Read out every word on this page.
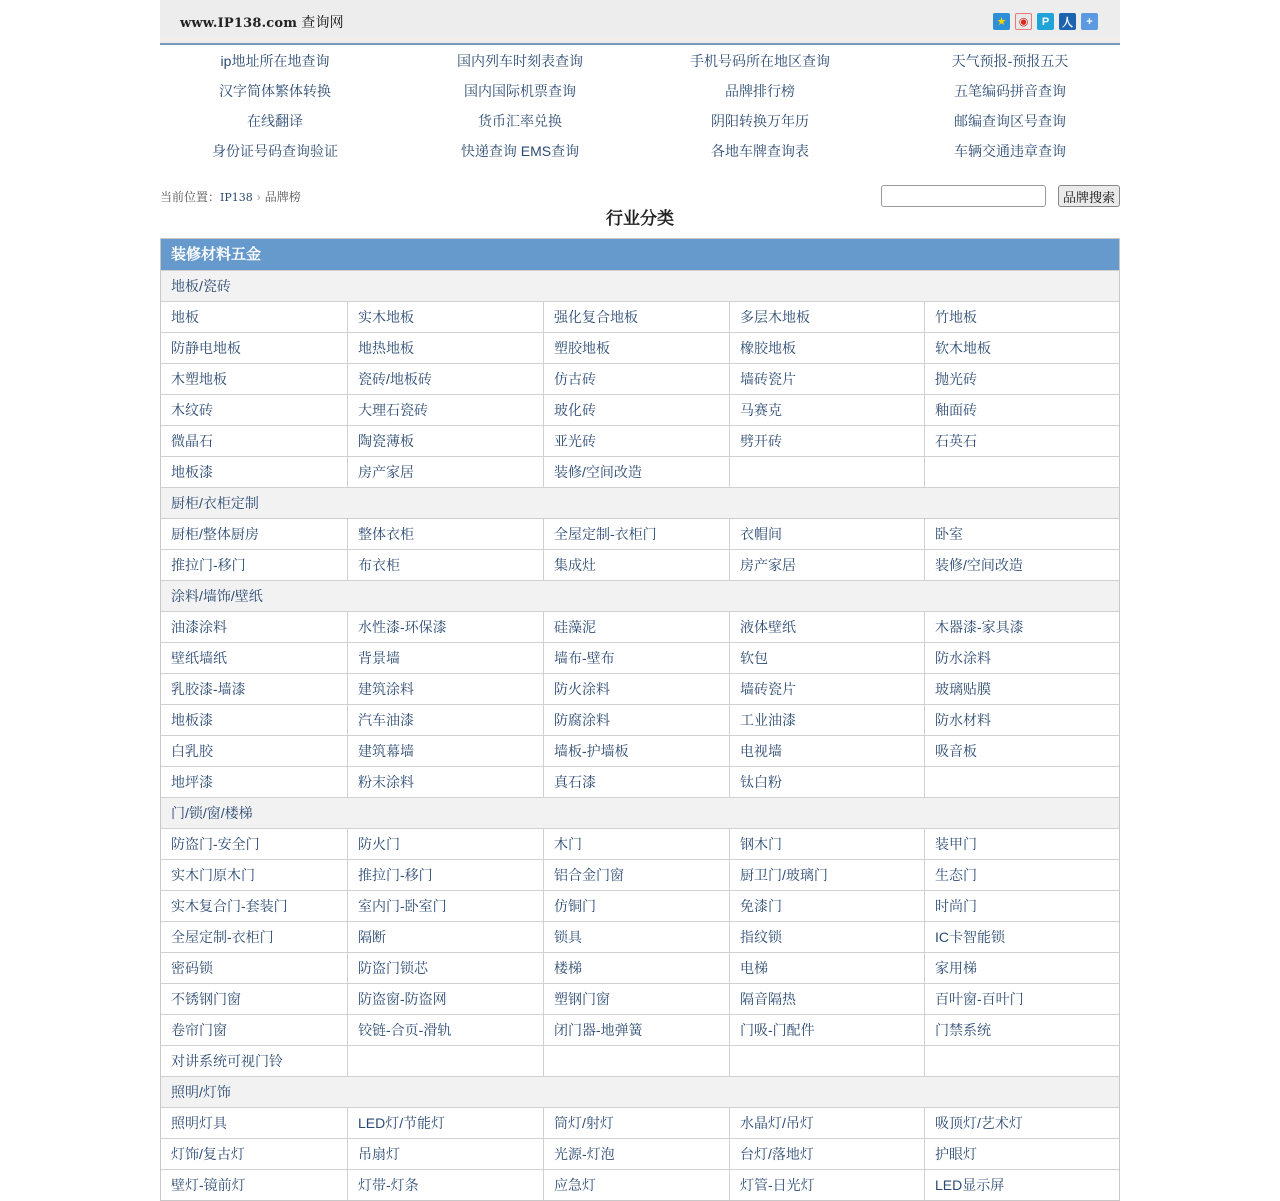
www.IP138.com 查询网	★	◉	P	人	+
ip地址所在地查询	国内列车时刻表查询	手机号码所在地区查询	天气预报-预报五天
汉字简体繁体转换	国内国际机票查询	品牌排行榜	五笔编码拼音查询
在线翻译	货币汇率兑换	阴阳转换万年历	邮编查询区号查询
身份证号码查询验证	快递查询 EMS查询	各地车牌查询表	车辆交通违章查询
当前位置：IP138 › 品牌榜	品牌搜索
行业分类
装修材料五金
地板/瓷砖
地板	实木地板	强化复合地板	多层木地板	竹地板
防静电地板	地热地板	塑胶地板	橡胶地板	软木地板
木塑地板	瓷砖/地板砖	仿古砖	墙砖瓷片	抛光砖
木纹砖	大理石瓷砖	玻化砖	马赛克	釉面砖
微晶石	陶瓷薄板	亚光砖	劈开砖	石英石
地板漆	房产家居	装修/空间改造
厨柜/衣柜定制
厨柜/整体厨房	整体衣柜	全屋定制-衣柜门	衣帽间	卧室
推拉门-移门	布衣柜	集成灶	房产家居	装修/空间改造
涂料/墙饰/壁纸
油漆涂料	水性漆-环保漆	硅藻泥	液体壁纸	木器漆-家具漆
壁纸墙纸	背景墙	墙布-壁布	软包	防水涂料
乳胶漆-墙漆	建筑涂料	防火涂料	墙砖瓷片	玻璃贴膜
地板漆	汽车油漆	防腐涂料	工业油漆	防水材料
白乳胶	建筑幕墙	墙板-护墙板	电视墙	吸音板
地坪漆	粉末涂料	真石漆	钛白粉
门/锁/窗/楼梯
防盗门-安全门	防火门	木门	钢木门	装甲门
实木门原木门	推拉门-移门	铝合金门窗	厨卫门/玻璃门	生态门
实木复合门-套装门	室内门-卧室门	仿铜门	免漆门	时尚门
全屋定制-衣柜门	隔断	锁具	指纹锁	IC卡智能锁
密码锁	防盗门锁芯	楼梯	电梯	家用梯
不锈钢门窗	防盗窗-防盗网	塑钢门窗	隔音隔热	百叶窗-百叶门
卷帘门窗	铰链-合页-滑轨	闭门器-地弹簧	门吸-门配件	门禁系统
对讲系统可视门铃
照明/灯饰
照明灯具	LED灯/节能灯	筒灯/射灯	水晶灯/吊灯	吸顶灯/艺术灯
灯饰/复古灯	吊扇灯	光源-灯泡	台灯/落地灯	护眼灯
壁灯-镜前灯	灯带-灯条	应急灯	灯管-日光灯	LED显示屏
